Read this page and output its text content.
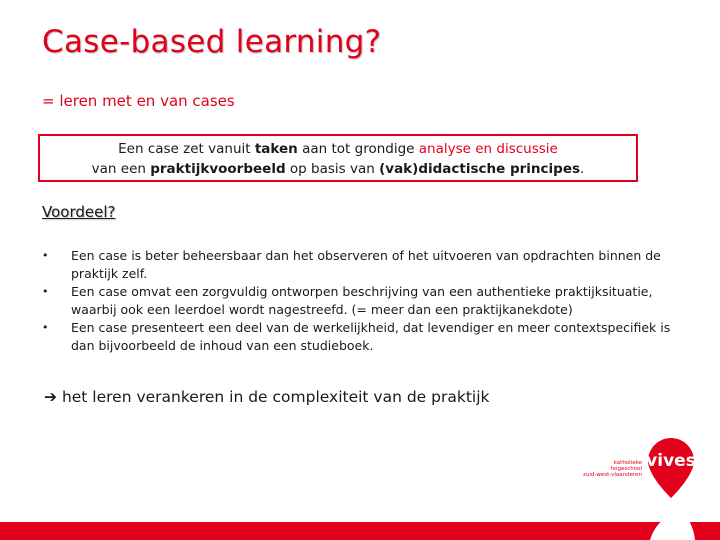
Case-based learning?
= leren met en van cases
Een case zet vanuit taken aan tot grondige analyse en discussie
van een praktijkvoorbeeld op basis van (vak)didactische principes.
Voordeel?
• Een case is beter beheersbaar dan het observeren of het uitvoeren van opdrachten binnen de praktijk zelf.
• Een case omvat een zorgvuldig ontworpen beschrijving van een authentieke praktijksituatie, waarbij ook een leerdoel wordt nagestreefd. (= meer dan een praktijkanekdote)
• Een case presenteert een deel van de werkelijkheid, dat levendiger en meer contextspecifiek is dan bijvoorbeeld de inhoud van een studieboek.
➔ het leren verankeren in de complexiteit van de praktijk
katholieke hogeschool
zuid-west-vlaanderen
vives
